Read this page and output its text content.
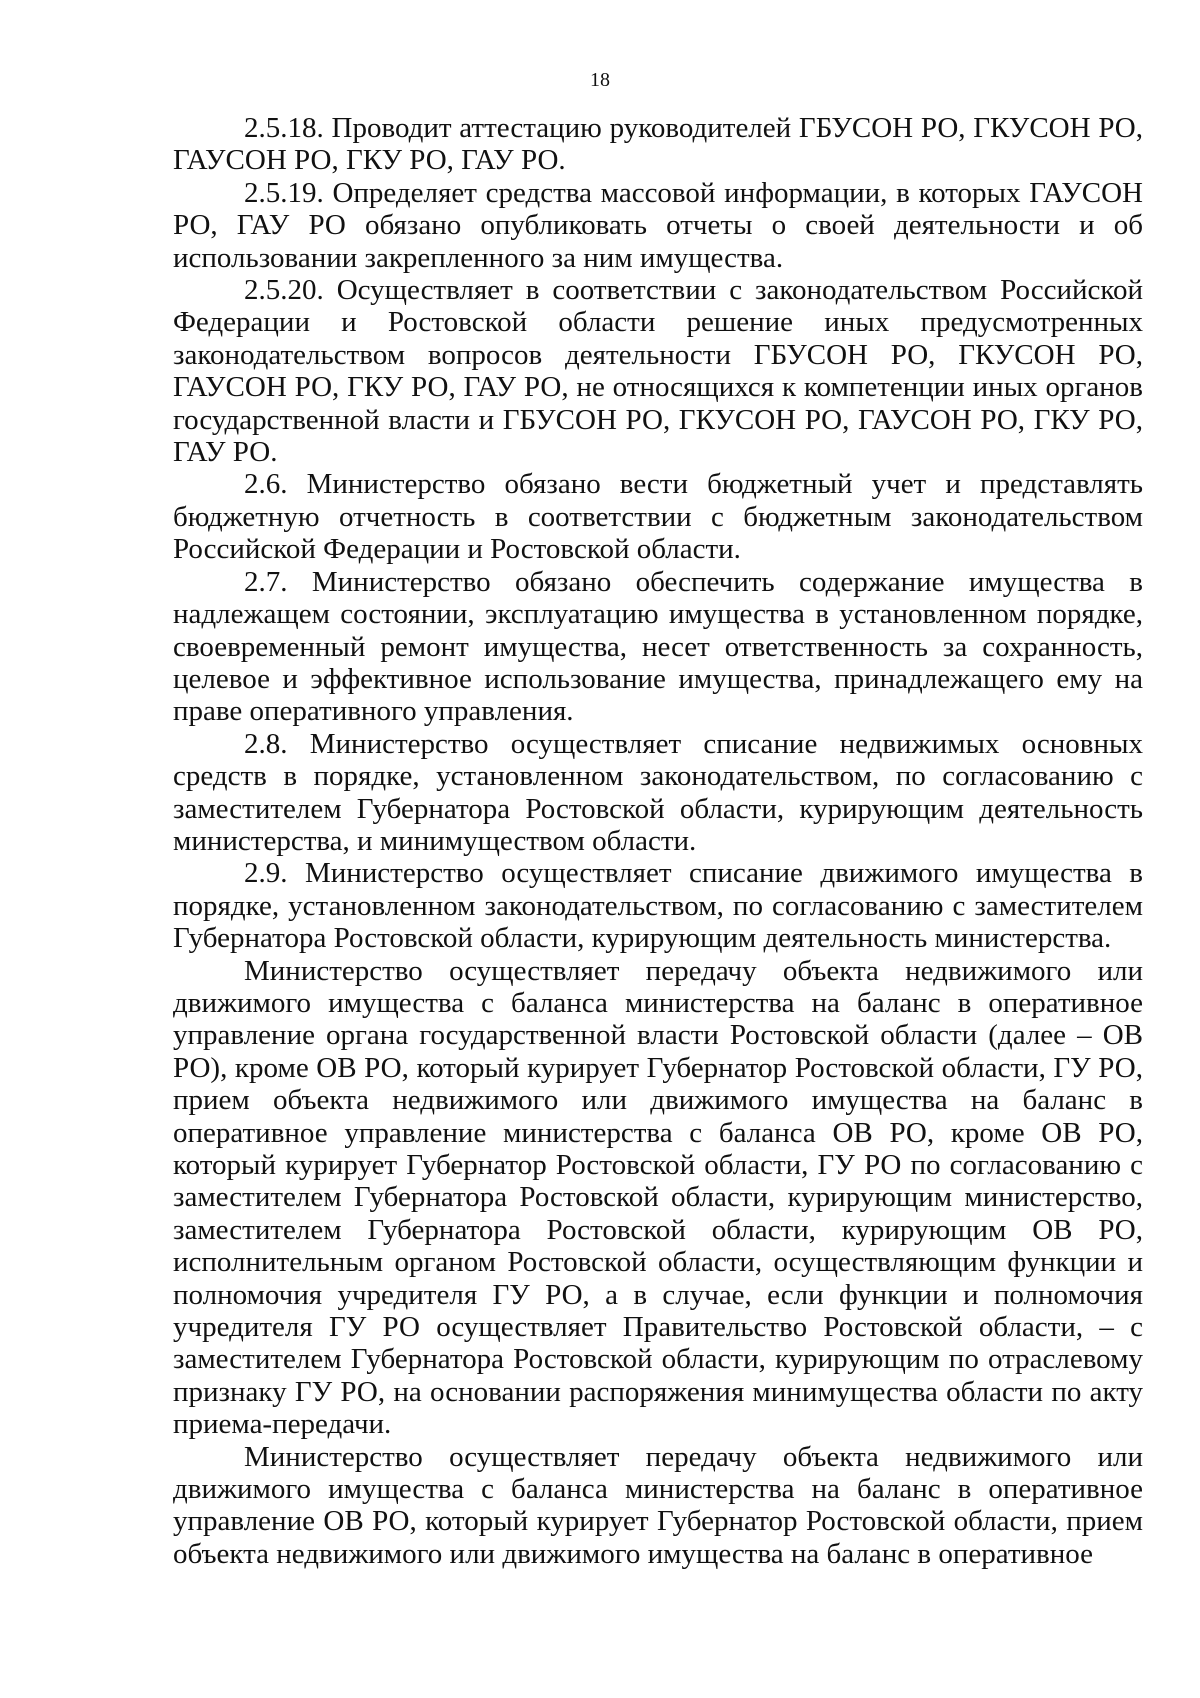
18

2.5.18. Проводит аттестацию руководителей ГБУСОН РО, ГКУСОН РО, ГАУСОН РО, ГКУ РО, ГАУ РО.

2.5.19. Определяет средства массовой информации, в которых ГАУСОН РО, ГАУ РО обязано опубликовать отчеты о своей деятельности и об использовании закрепленного за ним имущества.

2.5.20. Осуществляет в соответствии с законодательством Российской Федерации и Ростовской области решение иных предусмотренных законодательством вопросов деятельности ГБУСОН РО, ГКУСОН РО, ГАУСОН РО, ГКУ РО, ГАУ РО, не относящихся к компетенции иных органов государственной власти и ГБУСОН РО, ГКУСОН РО, ГАУСОН РО, ГКУ РО, ГАУ РО.

2.6. Министерство обязано вести бюджетный учет и представлять бюджетную отчетность в соответствии с бюджетным законодательством Российской Федерации и Ростовской области.

2.7. Министерство обязано обеспечить содержание имущества в надлежащем состоянии, эксплуатацию имущества в установленном порядке, своевременный ремонт имущества, несет ответственность за сохранность, целевое и эффективное использование имущества, принадлежащего ему на праве оперативного управления.

2.8. Министерство осуществляет списание недвижимых основных средств в порядке, установленном законодательством, по согласованию с заместителем Губернатора Ростовской области, курирующим деятельность министерства, и минимуществом области.

2.9. Министерство осуществляет списание движимого имущества в порядке, установленном законодательством, по согласованию с заместителем Губернатора Ростовской области, курирующим деятельность министерства.

Министерство осуществляет передачу объекта недвижимого или движимого имущества с баланса министерства на баланс в оперативное управление органа государственной власти Ростовской области (далее – ОВ РО), кроме ОВ РО, который курирует Губернатор Ростовской области, ГУ РО, прием объекта недвижимого или движимого имущества на баланс в оперативное управление министерства с баланса ОВ РО, кроме ОВ РО, который курирует Губернатор Ростовской области, ГУ РО по согласованию с заместителем Губернатора Ростовской области, курирующим министерство, заместителем Губернатора Ростовской области, курирующим ОВ РО, исполнительным органом Ростовской области, осуществляющим функции и полномочия учредителя ГУ РО, а в случае, если функции и полномочия учредителя ГУ РО осуществляет Правительство Ростовской области, – с заместителем Губернатора Ростовской области, курирующим по отраслевому признаку ГУ РО, на основании распоряжения минимущества области по акту приема-передачи.

Министерство осуществляет передачу объекта недвижимого или движимого имущества с баланса министерства на баланс в оперативное управление ОВ РО, который курирует Губернатор Ростовской области, прием объекта недвижимого или движимого имущества на баланс в оперативное
